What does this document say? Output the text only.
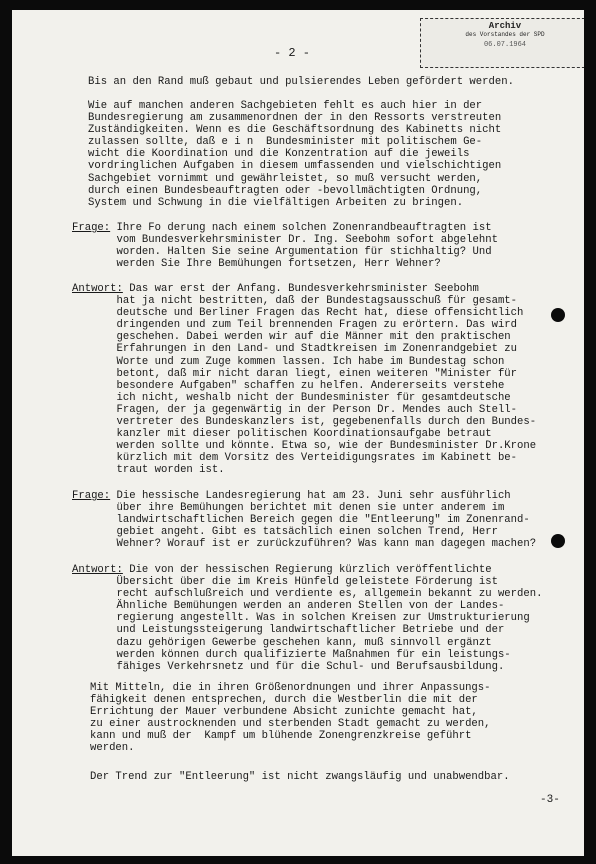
Archiv
des Vorstandes der SPD
06.07.1964
- 2 -

Bis an den Rand muß gebaut und pulsierendes Leben gefördert werden.

Wie auf manchen anderen Sachgebieten fehlt es auch hier in der
Bundesregierung am zusammenordnen der in den Ressorts verstreuten
Zuständigkeiten. Wenn es die Geschäftsordnung des Kabinetts nicht
zulassen sollte, daß e i n  Bundesminister mit politischem Ge-
wicht die Koordination und die Konzentration auf die jeweils
vordringlichen Aufgaben in diesem umfassenden und vielschichtigen
Sachgebiet vornimmt und gewährleistet, so muß versucht werden,
durch einen Bundesbeauftragten oder -bevollmächtigten Ordnung,
System und Schwung in die vielfältigen Arbeiten zu bringen.

Frage: Ihre Fo derung nach einem solchen Zonenrandbeauftragten ist
vom Bundesverkehrsminister Dr. Ing. Seebohm sofort abgelehnt
worden. Halten Sie seine Argumentation für stichhaltig? Und
werden Sie Ihre Bemühungen fortsetzen, Herr Wehner?

Antwort: Das war erst der Anfang. Bundesverkehrsminister Seebohm
hat ja nicht bestritten, daß der Bundestagsausschuß für gesamt-
deutsche und Berliner Fragen das Recht hat, diese offensichtlich
dringenden und zum Teil brennenden Fragen zu erörtern. Das wird
geschehen. Dabei werden wir auf die Männer mit den praktischen
Erfahrungen in den Land- und Stadtkreisen im Zonenrandgebiet zu
Worte und zum Zuge kommen lassen. Ich habe im Bundestag schon
betont, daß mir nicht daran liegt, einen weiteren "Minister für
besondere Aufgaben" schaffen zu helfen. Andererseits verstehe
ich nicht, weshalb nicht der Bundesminister für gesamtdeutsche
Fragen, der ja gegenwärtig in der Person Dr. Mendes auch Stell-
vertreter des Bundeskanzlers ist, gegebenenfalls durch den Bundes-
kanzler mit dieser politischen Koordinationsaufgabe betraut
werden sollte und könnte. Etwa so, wie der Bundesminister Dr.Krone
kürzlich mit dem Vorsitz des Verteidigungsrates im Kabinett be-
traut worden ist.

Frage: Die hessische Landesregierung hat am 23. Juni sehr ausführlich
über ihre Bemühungen berichtet mit denen sie unter anderem im
landwirtschaftlichen Bereich gegen die "Entleerung" im Zonenrand-
gebiet angeht. Gibt es tatsächlich einen solchen Trend, Herr
Wehner? Worauf ist er zurückzuführen? Was kann man dagegen machen?

Antwort: Die von der hessischen Regierung kürzlich veröffentlichte
Übersicht über die im Kreis Hünfeld geleistete Förderung ist
recht aufschlußreich und verdiente es, allgemein bekannt zu werden.
Ähnliche Bemühungen werden an anderen Stellen von der Landes-
regierung angestellt. Was in solchen Kreisen zur Umstrukturierung
und Leistungssteigerung landwirtschaftlicher Betriebe und der
dazu gehörigen Gewerbe geschehen kann, muß sinnvoll ergänzt
werden können durch qualifizierte Maßnahmen für ein leistungs-
fähiges Verkehrsnetz und für die Schul- und Berufsausbildung.

Mit Mitteln, die in ihren Größenordnungen und ihrer Anpassungs-
fähigkeit denen entsprechen, durch die Westberlin die mit der
Errichtung der Mauer verbundene Absicht zunichte gemacht hat,
zu einer austrocknenden und sterbenden Stadt gemacht zu werden,
kann und muß der  Kampf um blühende Zonengrenzkreise geführt
werden.

Der Trend zur "Entleerung" ist nicht zwangsläufig und unabwendbar.

-3-
